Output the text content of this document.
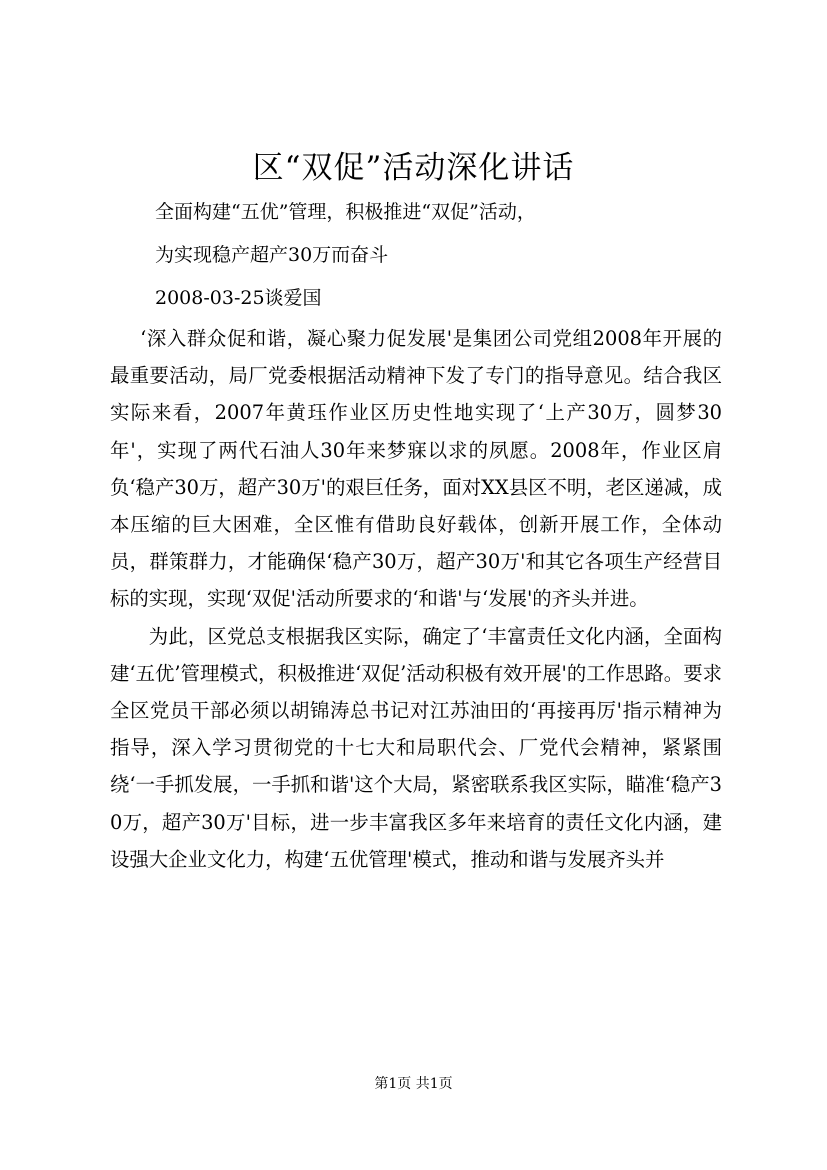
区“双促”活动深化讲话
全面构建“五优”管理，积极推进“双促”活动，
为实现稳产超产30万而奋斗
2008-03-25谈爱国

‘深入群众促和谐，凝心聚力促发展'是集团公司党组2008年开展的最重要活动，局厂党委根据活动精神下发了专门的指导意见。结合我区实际来看，2007年黄珏作业区历史性地实现了‘上产30万，圆梦30年'，实现了两代石油人30年来梦寐以求的夙愿。2008年，作业区肩负‘稳产30万，超产30万'的艰巨任务，面对XX县区不明，老区递减，成本压缩的巨大困难，全区惟有借助良好载体，创新开展工作，全体动员，群策群力，才能确保‘稳产30万，超产30万'和其它各项生产经营目标的实现，实现‘双促'活动所要求的‘和谐'与‘发展'的齐头并进。

为此，区党总支根据我区实际，确定了‘丰富责任文化内涵，全面构建‘五优’管理模式，积极推进‘双促’活动积极有效开展'的工作思路。要求全区党员干部必须以胡锦涛总书记对江苏油田的‘再接再厉'指示精神为指导，深入学习贯彻党的十七大和局职代会、厂党代会精神，紧紧围绕‘一手抓发展，一手抓和谐'这个大局，紧密联系我区实际，瞄准‘稳产30万，超产30万'目标，进一步丰富我区多年来培育的责任文化内涵，建设强大企业文化力，构建‘五优管理'模式，推动和谐与发展齐头并

第1页 共1页
